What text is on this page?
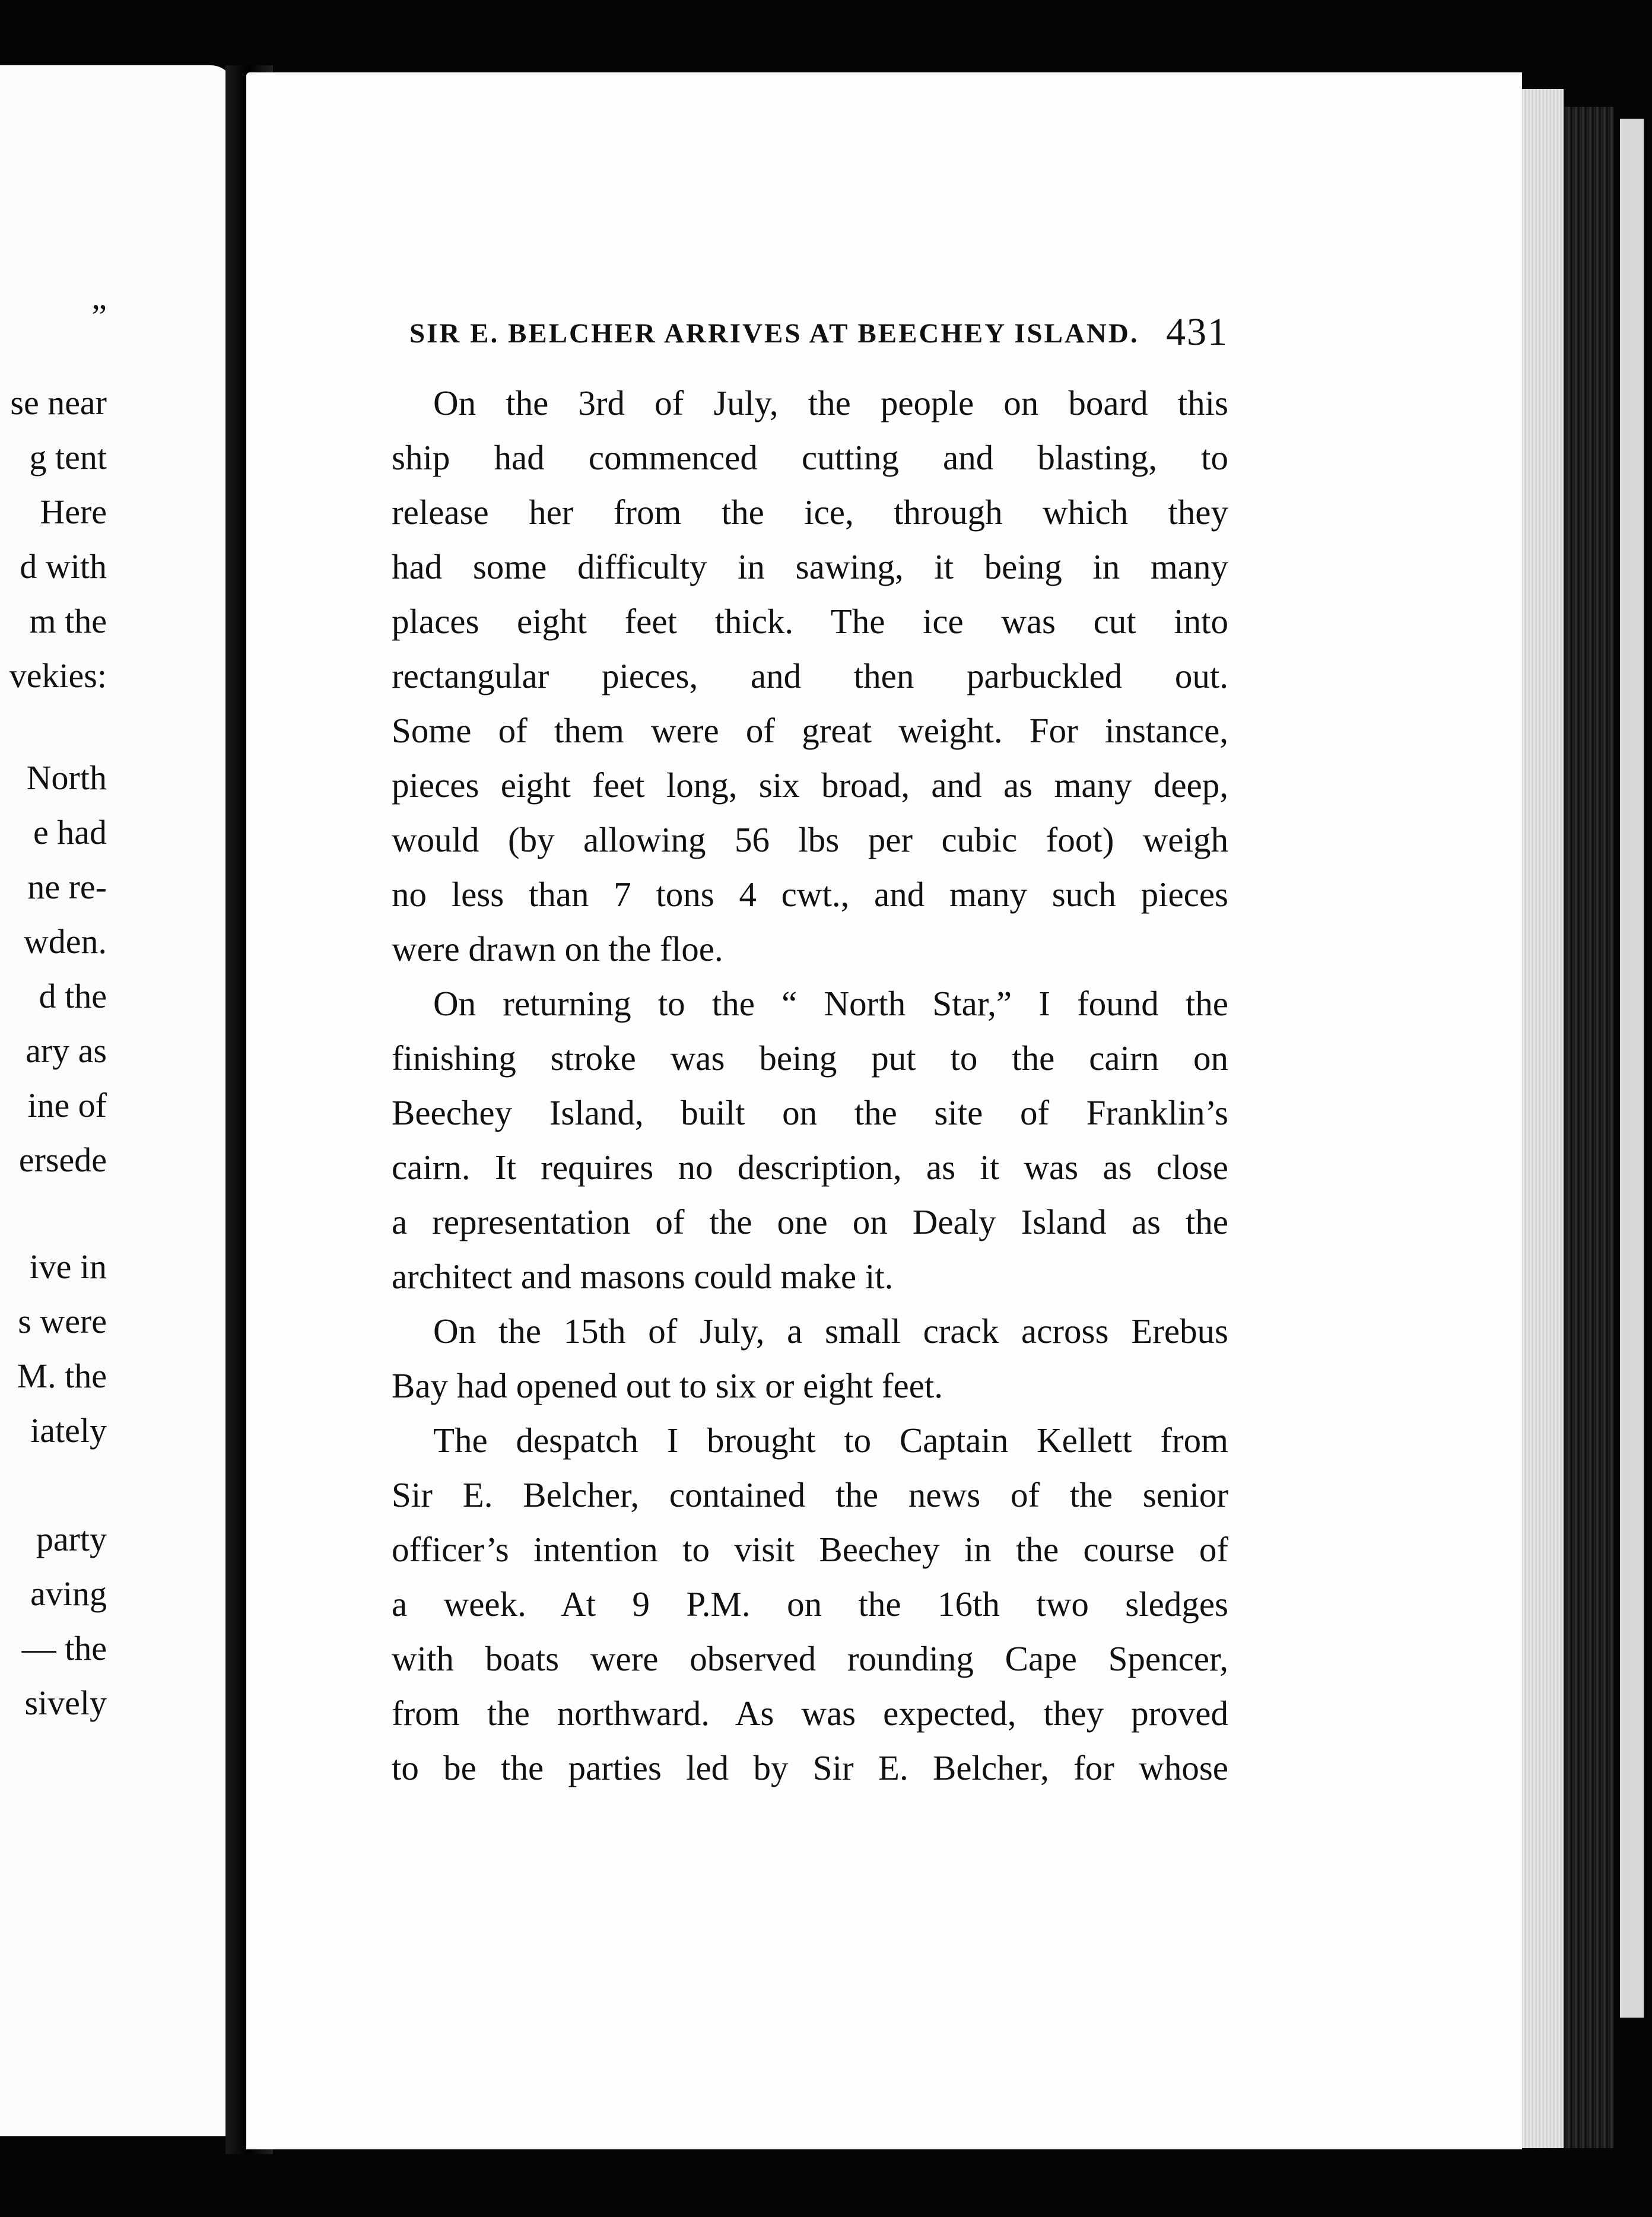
”
se near
g tent
Here
d with
m the
vekies:
North
e had
ne re-
wden.
d the
ary as
ine of
ersede
ive in
s were
M. the
iately
party
aving
— the
sively
SIR E. BELCHER ARRIVES AT BEECHEY ISLAND. 431
On the 3rd of July, the people on board this
ship had commenced cutting and blasting, to
release her from the ice, through which they
had some difficulty in sawing, it being in many
places eight feet thick. The ice was cut into
rectangular pieces, and then parbuckled out.
Some of them were of great weight. For instance,
pieces eight feet long, six broad, and as many deep,
would (by allowing 56 lbs per cubic foot) weigh
no less than 7 tons 4 cwt., and many such pieces
were drawn on the floe.
On returning to the “ North Star,” I found the
finishing stroke was being put to the cairn on
Beechey Island, built on the site of Franklin’s
cairn. It requires no description, as it was as close
a representation of the one on Dealy Island as the
architect and masons could make it.
On the 15th of July, a small crack across Erebus
Bay had opened out to six or eight feet.
The despatch I brought to Captain Kellett from
Sir E. Belcher, contained the news of the senior
officer’s intention to visit Beechey in the course of
a week. At 9 P.M. on the 16th two sledges
with boats were observed rounding Cape Spencer,
from the northward. As was expected, they proved
to be the parties led by Sir E. Belcher, for whose
